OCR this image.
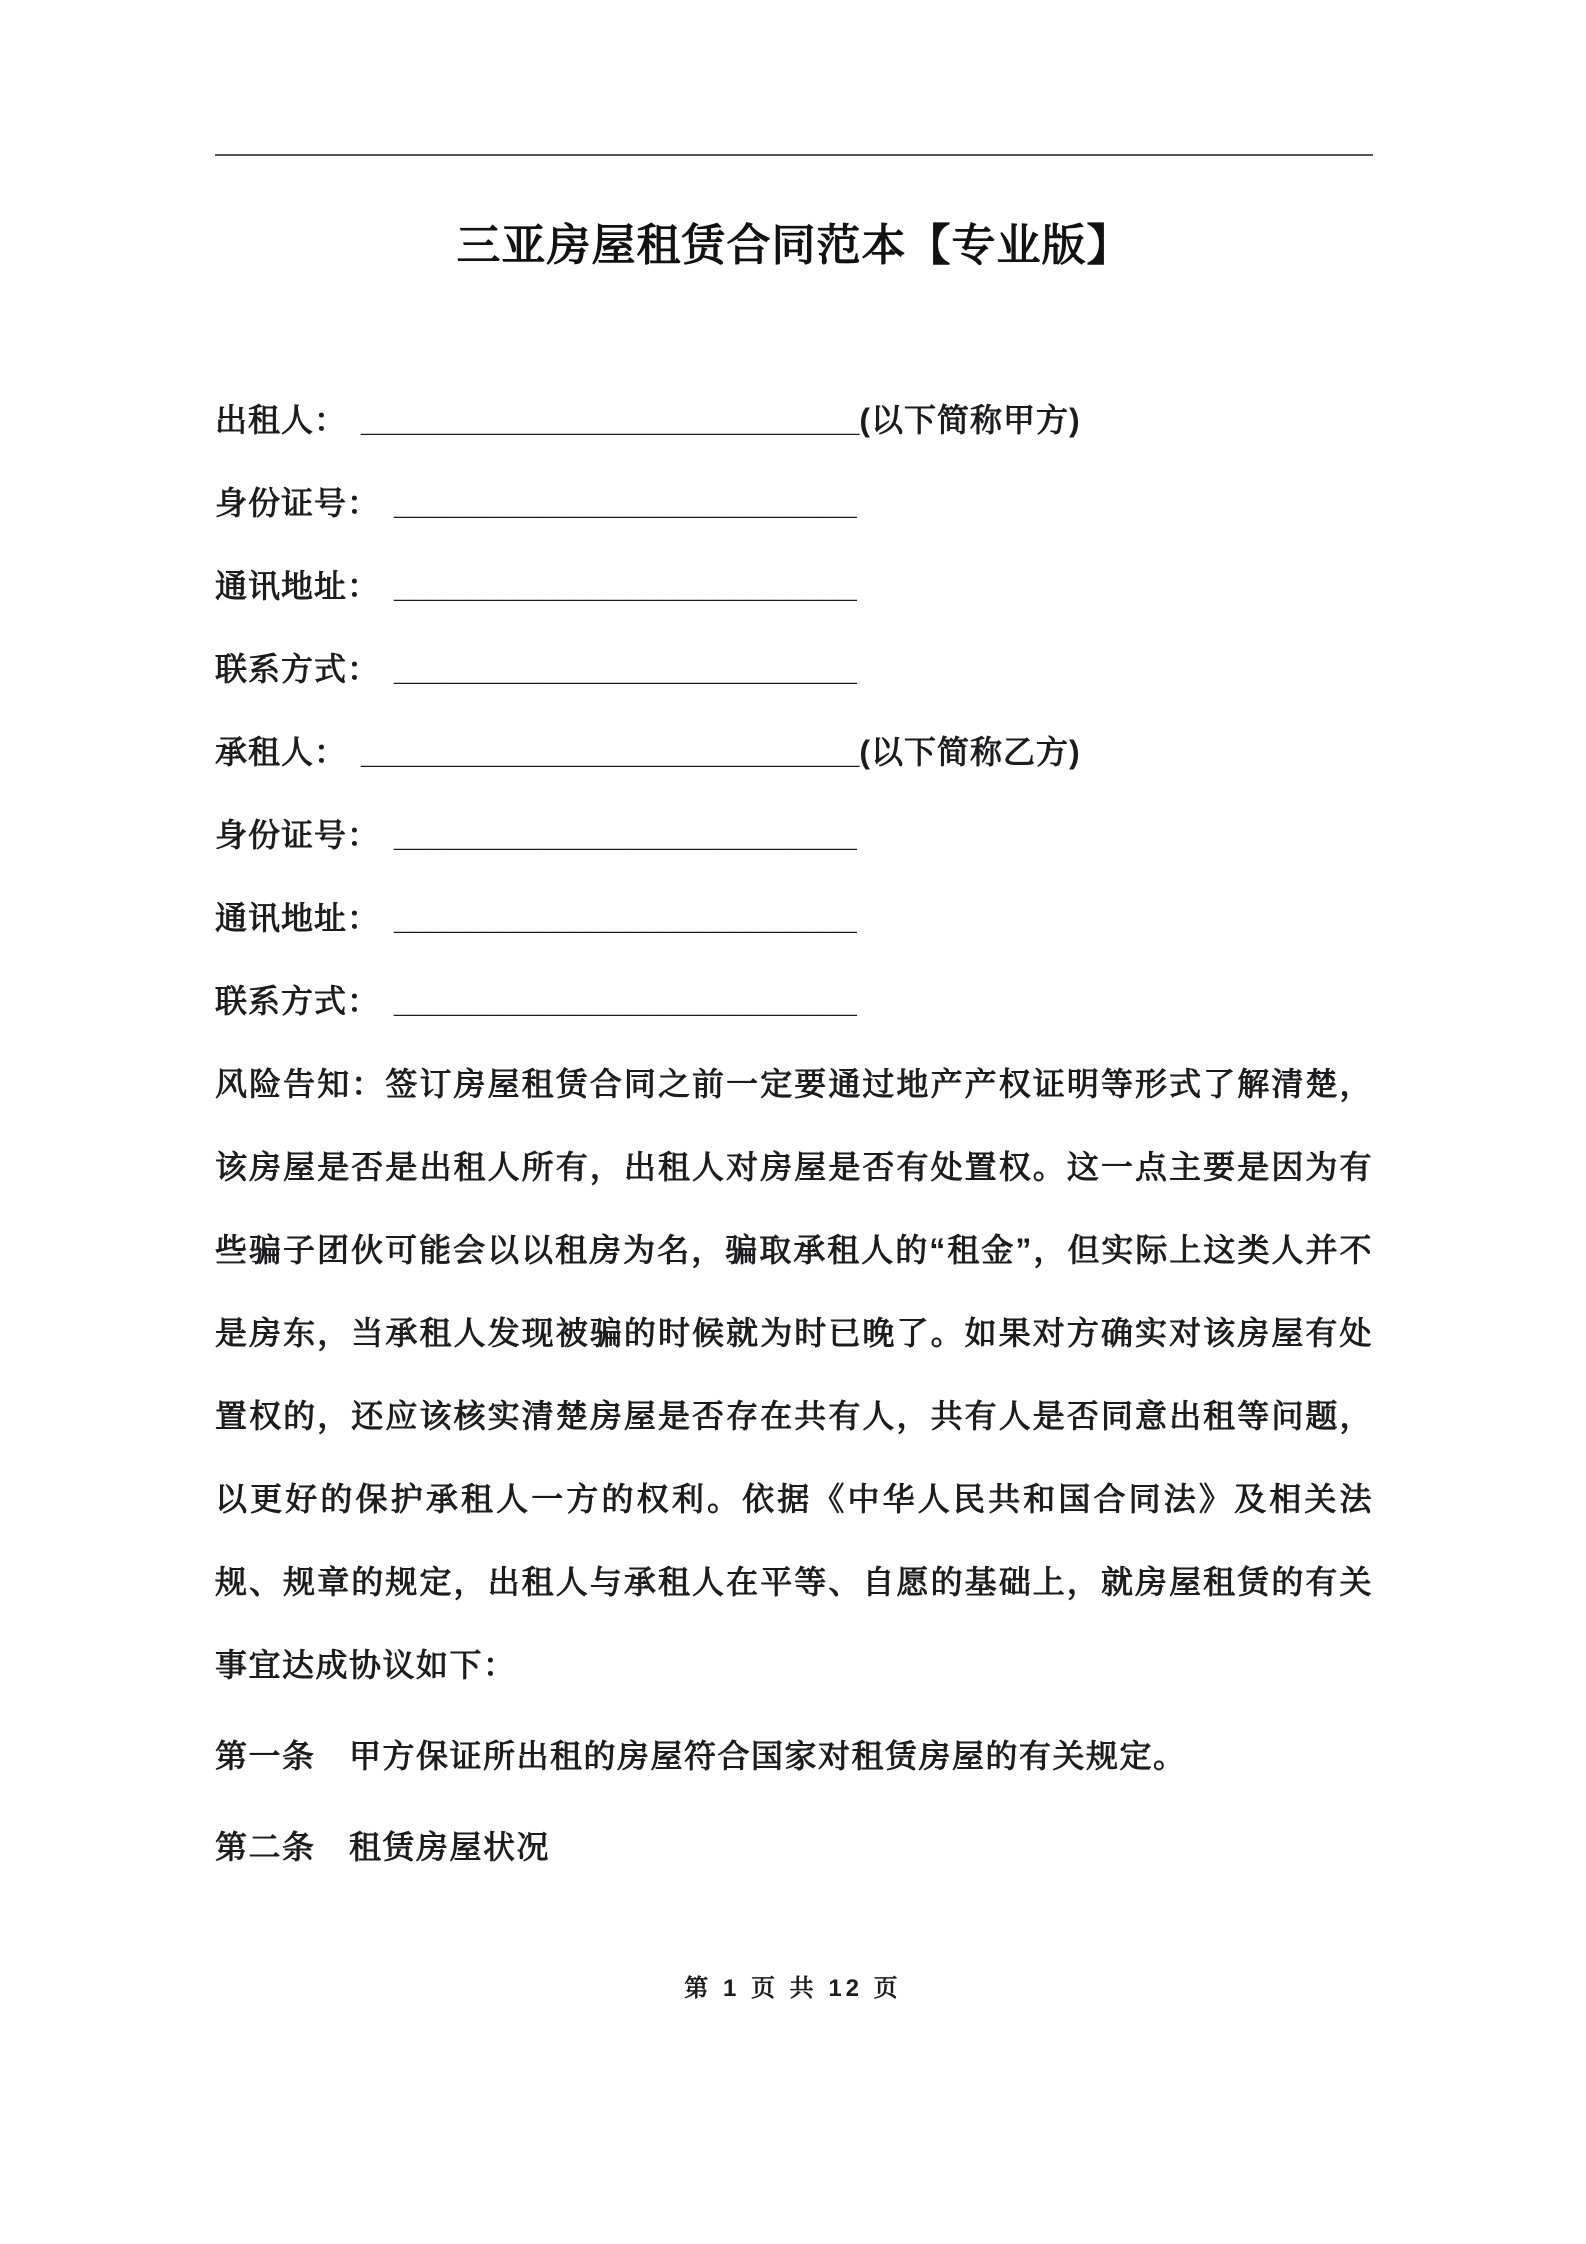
三亚房屋租赁合同范本【专业版】
出租人： ____________________________(以下简称甲方)
身份证号： __________________________
通讯地址： __________________________
联系方式： __________________________
承租人： ____________________________(以下简称乙方)
身份证号： __________________________
通讯地址： __________________________
联系方式： __________________________

风险告知：签订房屋租赁合同之前一定要通过地产产权证明等形式了解清楚，该房屋是否是出租人所有，出租人对房屋是否有处置权。这一点主要是因为有些骗子团伙可能会以以租房为名，骗取承租人的“租金”，但实际上这类人并不是房东，当承租人发现被骗的时候就为时已晚了。如果对方确实对该房屋有处置权的，还应该核实清楚房屋是否存在共有人，共有人是否同意出租等问题，以更好的保护承租人一方的权利。依据《中华人民共和国合同法》及相关法规、规章的规定，出租人与承租人在平等、自愿的基础上，就房屋租赁的有关事宜达成协议如下：

第一条　甲方保证所出租的房屋符合国家对租赁房屋的有关规定。
第二条　租赁房屋状况
第 1 页 共 12 页
